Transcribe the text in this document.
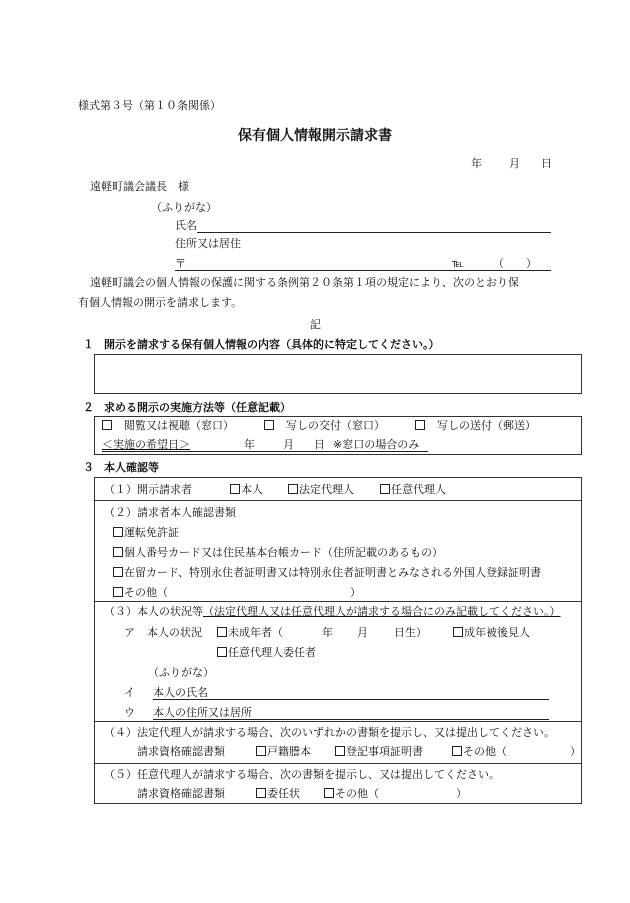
様式第３号（第１０条関係）
保有個人情報開示請求書
年 月 日
遠軽町議会議長　様
（ふりがな）
氏名
住所又は居住
〒	℡	（　　）
遠軽町議会の個人情報の保護に関する条例第２０条第１項の規定により、次のとおり保
有個人情報の開示を請求します。
記
１ 開示を請求する保有個人情報の内容（具体的に特定してください。）
２ 求める開示の実施方法等（任意記載）
　閲覧又は視聴（窓口）
　	写しの交付（窓口）
　	写しの送付（郵送）
＜実施の希望日＞	年	月 日 ※窓口の場合のみ
３ 本人確認等
（１）開示請求者	本人	法定代理人	任意代理人
（２）請求者本人確認書類
運転免許証
個人番号カード又は住民基本台帳カード（住所記載のあるもの）
在留カード、特別永住者証明書又は特別永住者証明書とみなされる外国人登録証明書
その他（	）
（３）本人の状況等（法定代理人又は任意代理人が請求する場合にのみ記載してください。）
ア 本人の状況	未成年者（	年 月 日生）	成年被後見人
任意代理人委任者
（ふりがな）
イ 本人の氏名
ウ 本人の住所又は居所
（４）法定代理人が請求する場合、次のいずれかの書類を提示し、又は提出してください。
請求資格確認書類	戸籍謄本	登記事項証明書	その他（	）
（５）任意代理人が請求する場合、次の書類を提示し、又は提出してください。
請求資格確認書類	委任状	その他（	）
